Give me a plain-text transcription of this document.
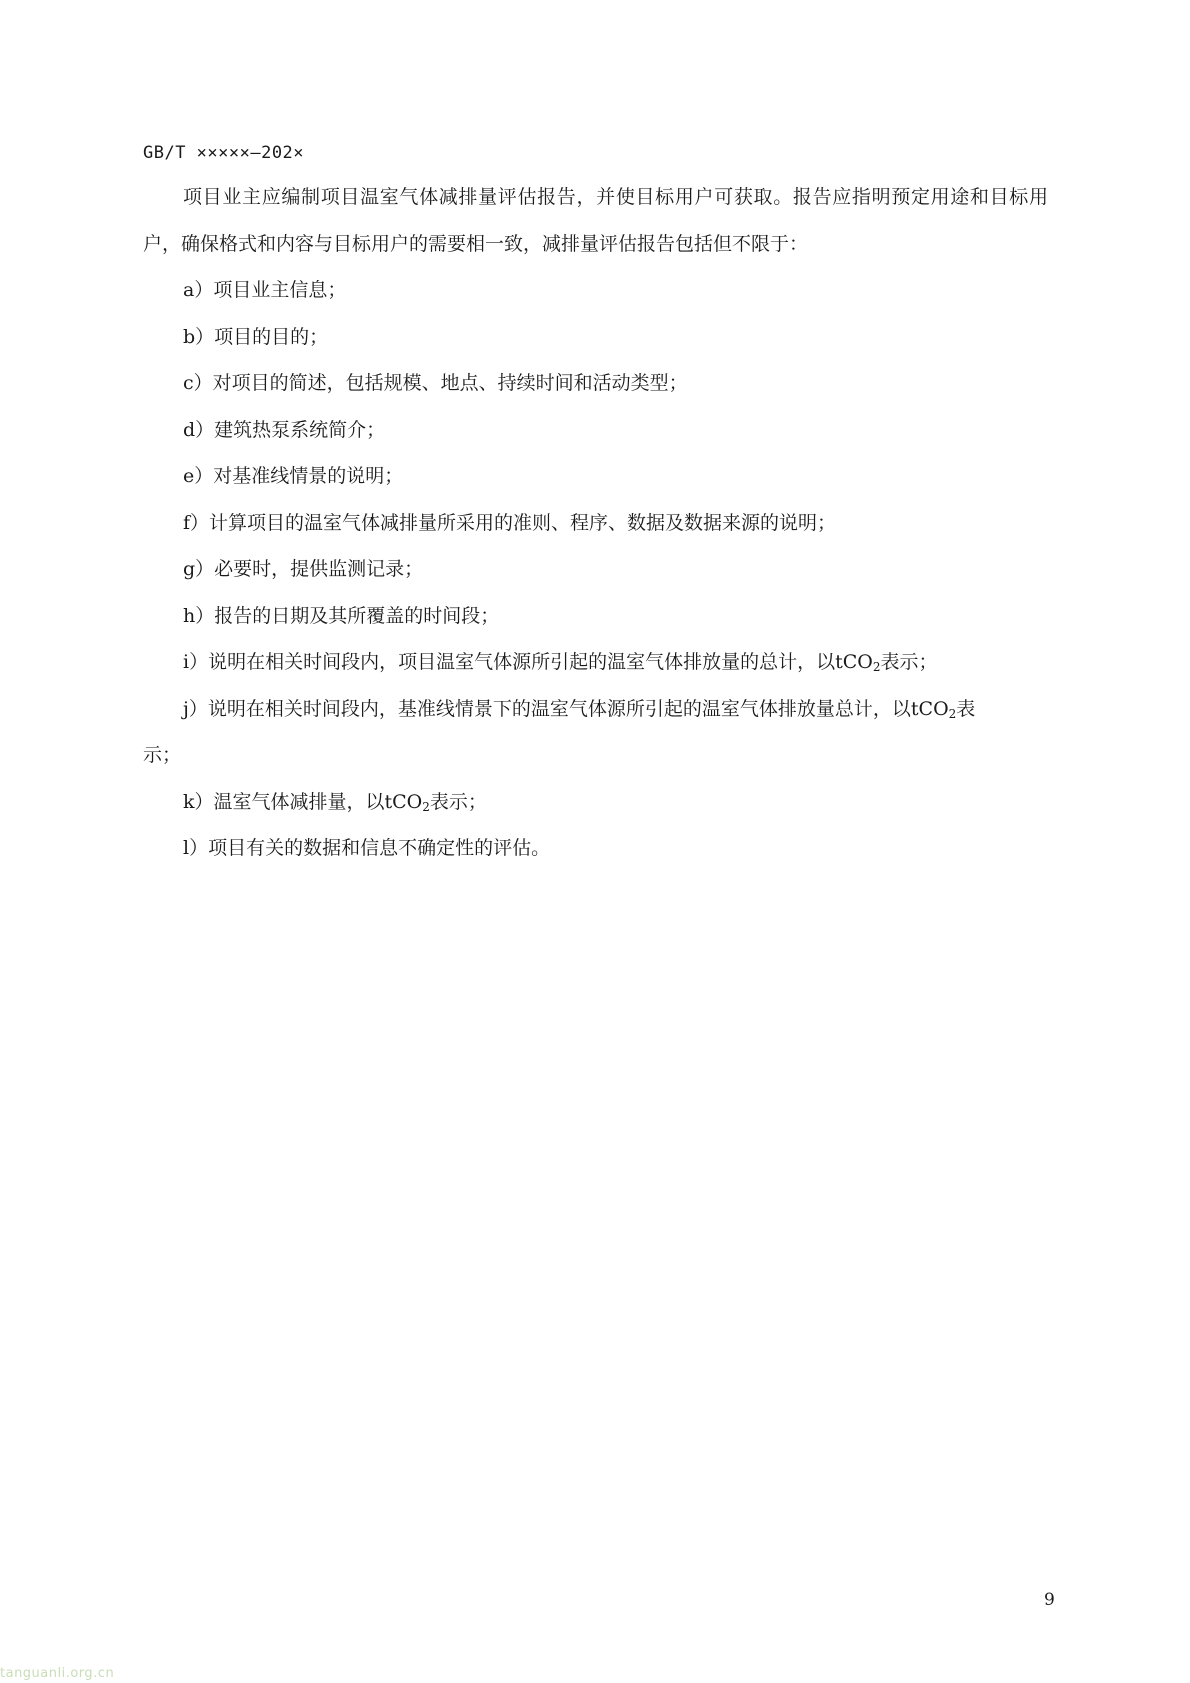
GB/T ×××××—202×

项目业主应编制项目温室气体减排量评估报告，并使目标用户可获取。报告应指明预定用途和目标用户，确保格式和内容与目标用户的需要相一致，减排量评估报告包括但不限于：

a）项目业主信息；

b）项目的目的；

c）对项目的简述，包括规模、地点、持续时间和活动类型；

d）建筑热泵系统简介；

e）对基准线情景的说明；

f）计算项目的温室气体减排量所采用的准则、程序、数据及数据来源的说明；

g）必要时，提供监测记录；

h）报告的日期及其所覆盖的时间段；

i）说明在相关时间段内，项目温室气体源所引起的温室气体排放量的总计，以tCO$_2$表示；

j）说明在相关时间段内，基准线情景下的温室气体源所引起的温室气体排放量总计，以tCO$_2$表
示；

k）温室气体减排量，以tCO$_2$表示；

l）项目有关的数据和信息不确定性的评估。

9
tanguanli.org.cn
